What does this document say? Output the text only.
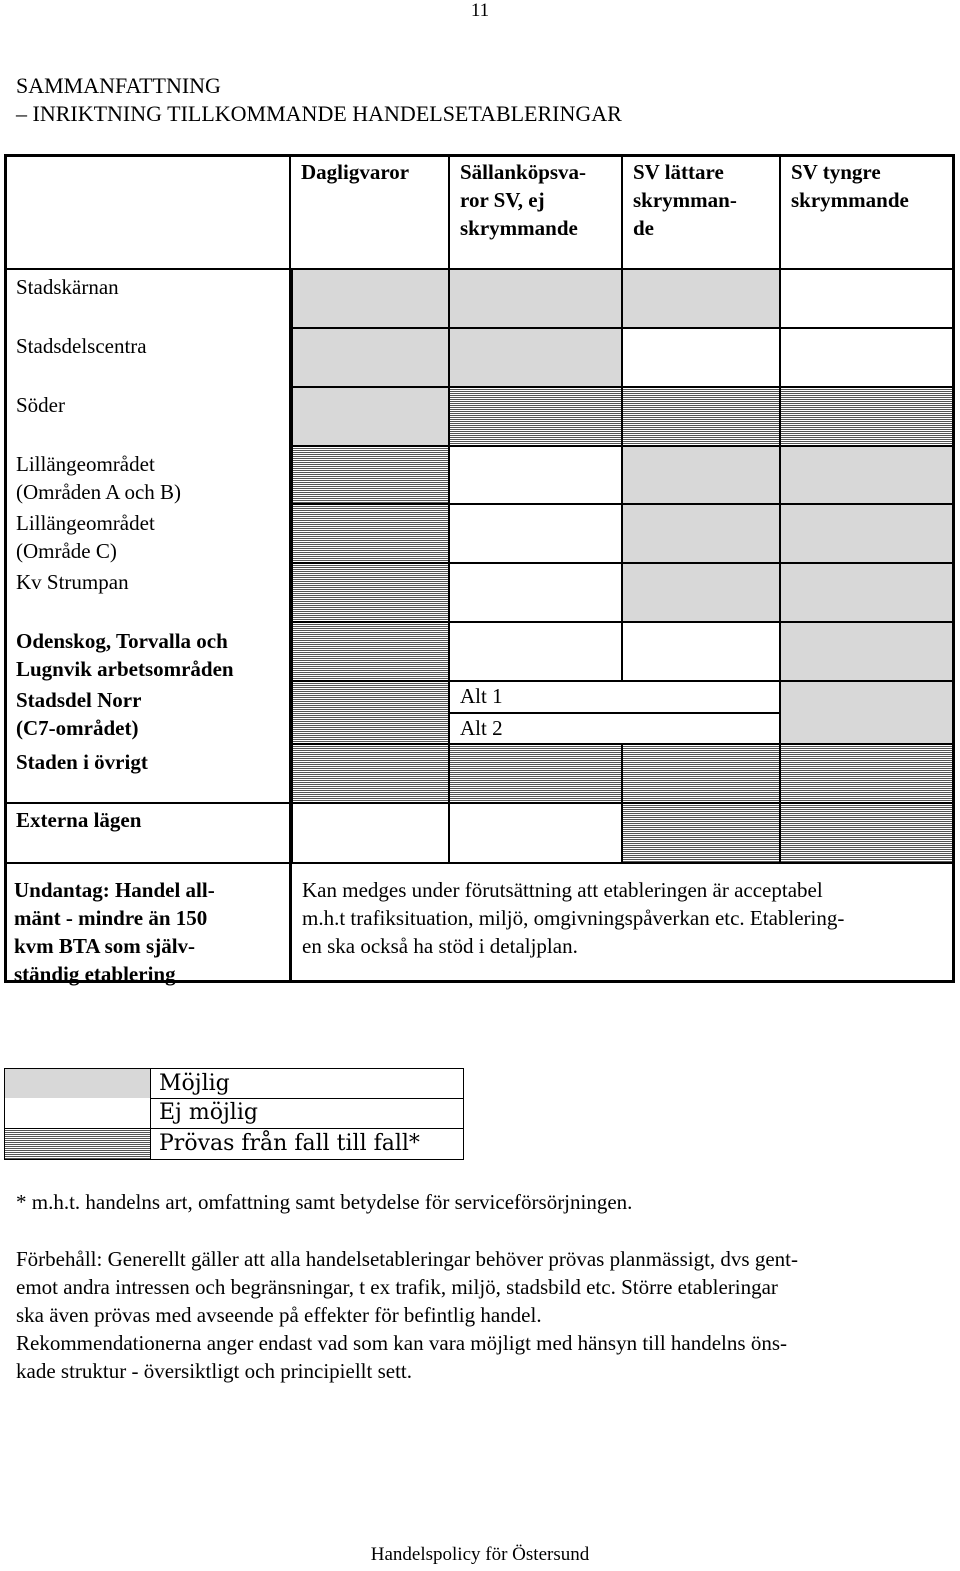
11
SAMMANFATTNING
– INRIKTNING TILLKOMMANDE HANDELSETABLERINGAR
Dagligvaror	Sällanköpsva-
ror SV, ej
skrymmande
SV lättare
skrymman-
de
SV tyngre
skrymmande
Alt 1
Alt 2
Undantag: Handel all-
mänt - mindre än 150
kvm BTA som själv-
ständig etablering
Kan medges under förutsättning att etableringen är acceptabel
m.h.t trafiksituation, miljö, omgivningspåverkan etc. Etablering-
en ska också ha stöd i detaljplan.
Stadskärnan
Stadsdelscentra
Söder
Lillängeområdet
(Områden A och B)
Lillängeområdet
(Område C)
Kv Strumpan
Odenskog, Torvalla och
Lugnvik arbetsområden
Stadsdel Norr
(C7-området)
Staden i övrigt
Externa lägen
Möjlig
Ej möjlig
Prövas från fall till fall*
* m.h.t. handelns art, omfattning samt betydelse för serviceförsörjningen.
Förbehåll: Generellt gäller att alla handelsetableringar behöver prövas planmässigt, dvs gent-
emot andra intressen och begränsningar, t ex trafik, miljö, stadsbild etc. Större etableringar
ska även prövas med avseende på effekter för befintlig handel.
Rekommendationerna anger endast vad som kan vara möjligt med hänsyn till handelns öns-
kade struktur - översiktligt och principiellt sett.
Handelspolicy för Östersund
